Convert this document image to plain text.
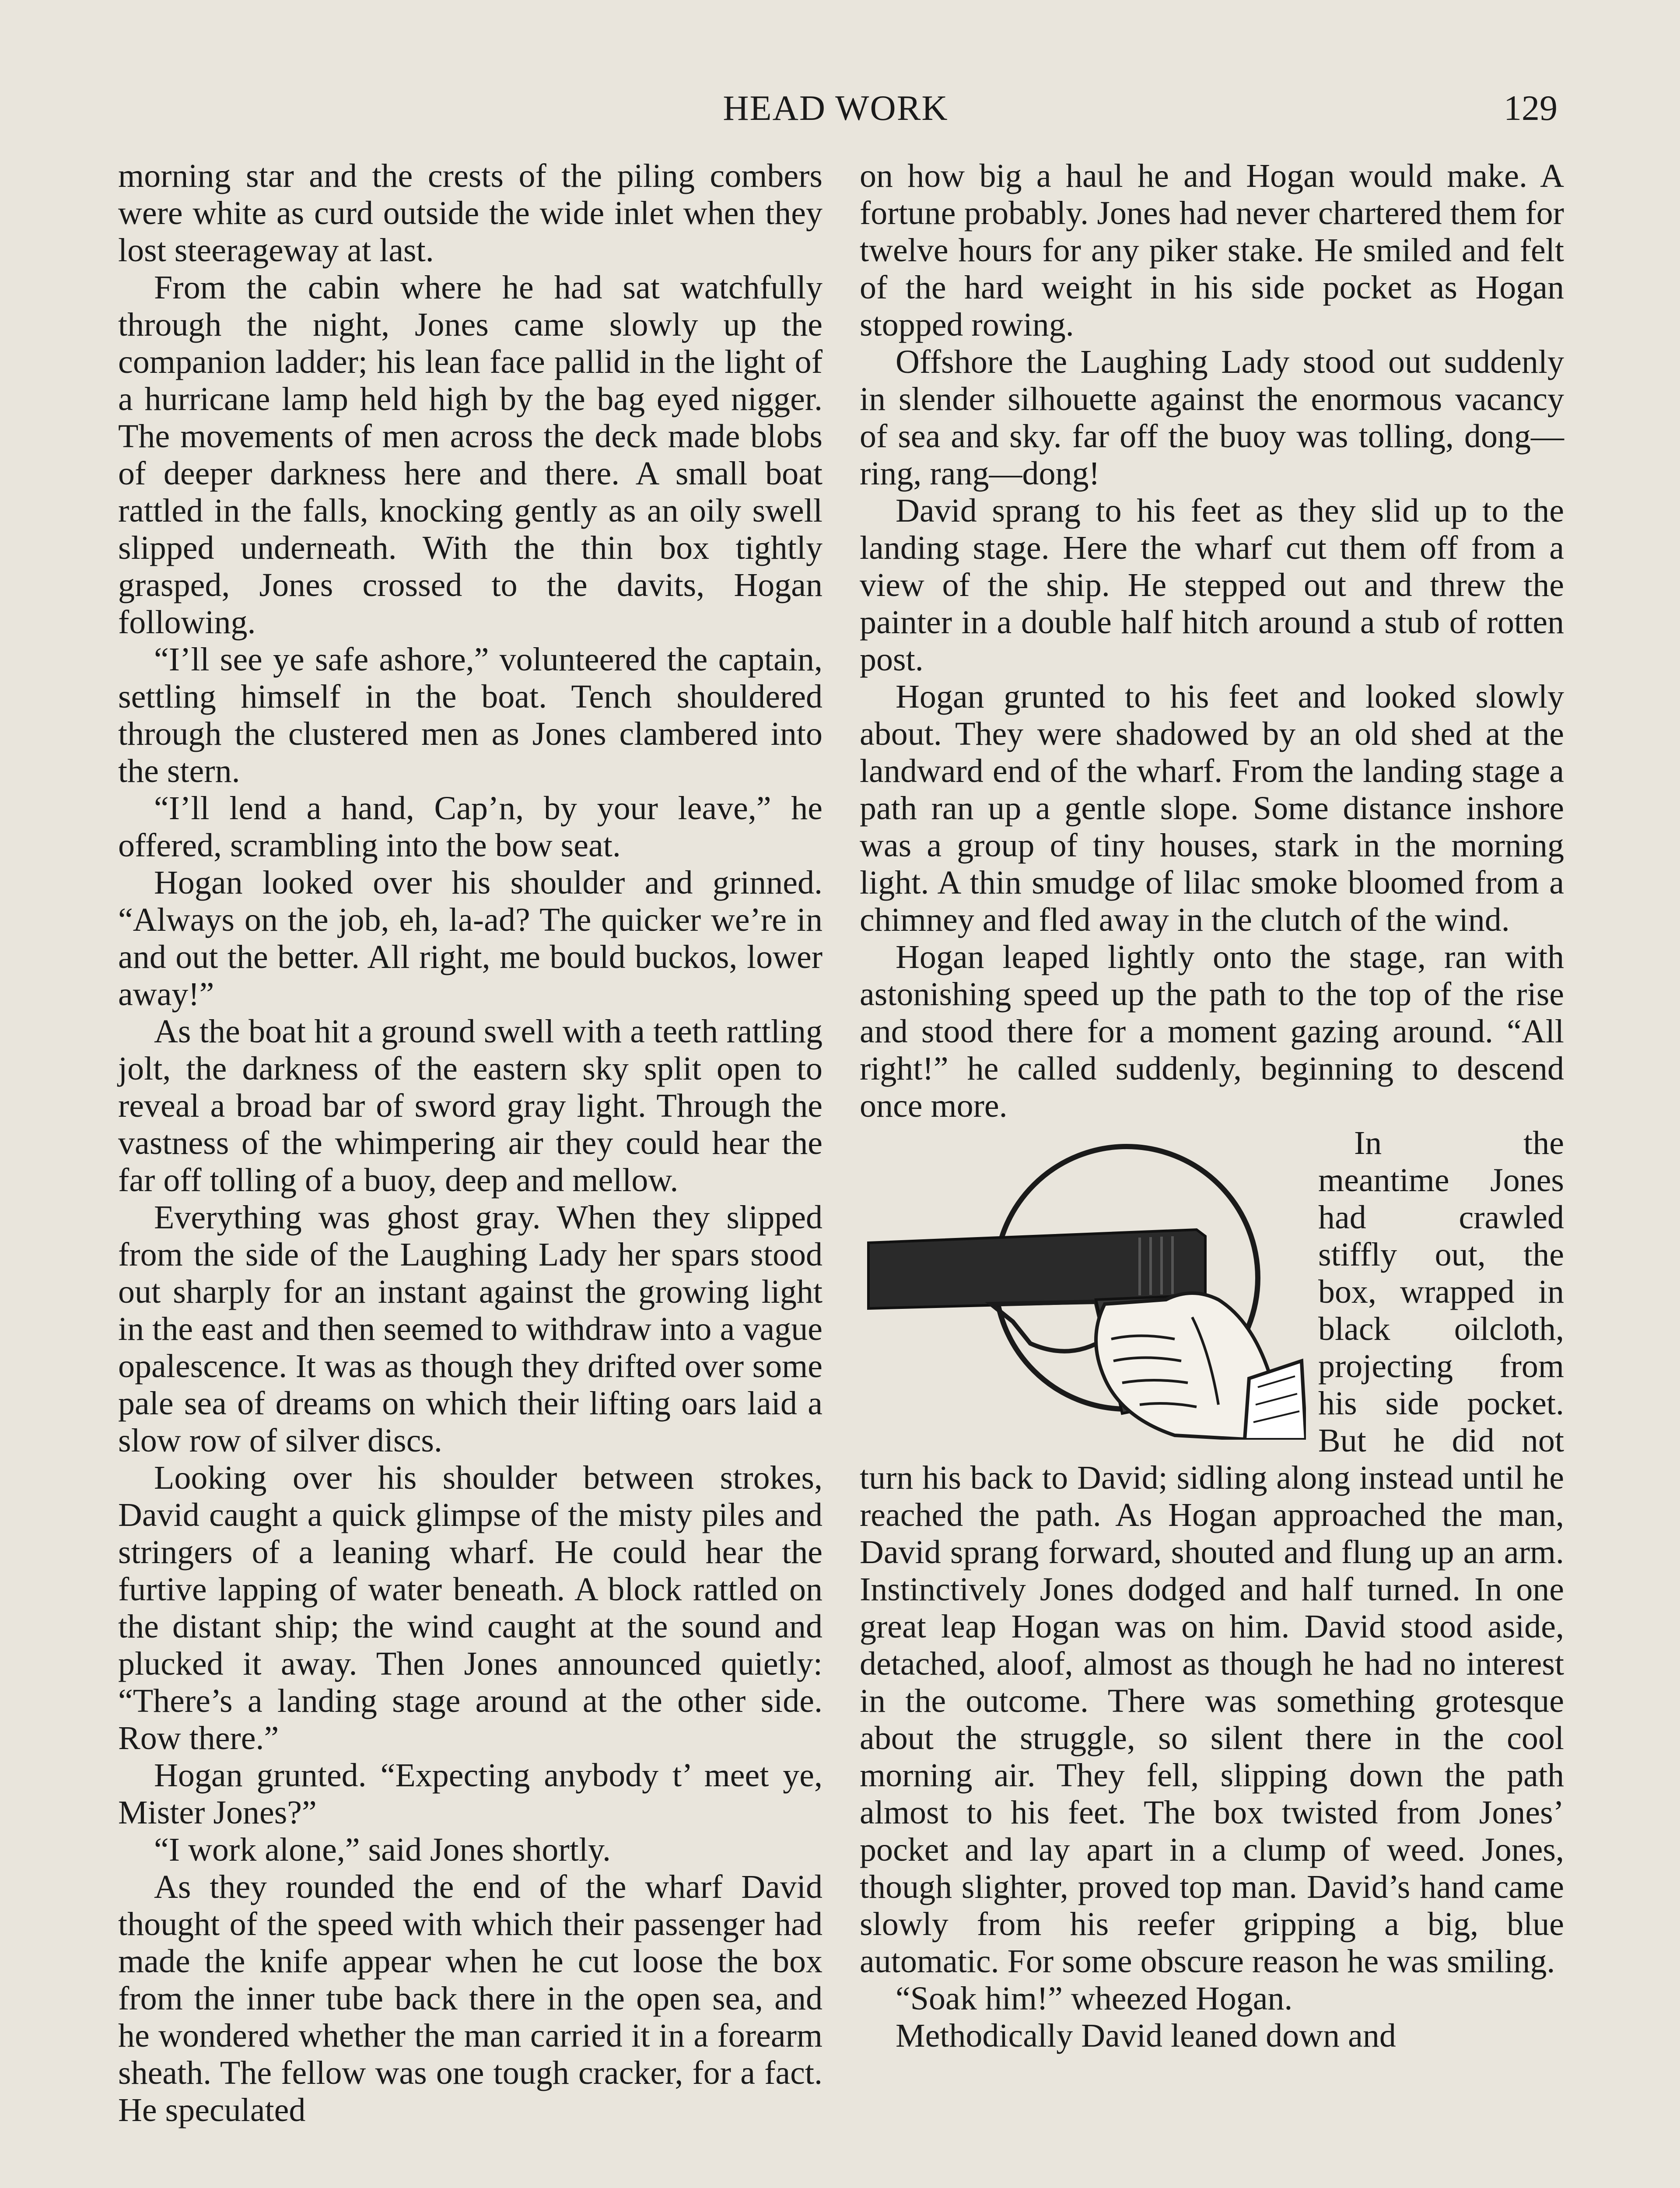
HEAD WORK	129

morning star and the crests of the piling combers were white as curd outside the wide inlet when they lost steerageway at last.

From the cabin where he had sat watchfully through the night, Jones came slowly up the companion ladder; his lean face pallid in the light of a hurricane lamp held high by the bag eyed nigger. The movements of men across the deck made blobs of deeper darkness here and there. A small boat rattled in the falls, knocking gently as an oily swell slipped underneath. With the thin box tightly grasped, Jones crossed to the davits, Hogan following.

“I’ll see ye safe ashore,” volunteered the captain, settling himself in the boat. Tench shouldered through the clustered men as Jones clambered into the stern.

“I’ll lend a hand, Cap’n, by your leave,” he offered, scrambling into the bow seat.

Hogan looked over his shoulder and grinned. “Always on the job, eh, la-ad? The quicker we’re in and out the better. All right, me bould buckos, lower away!”

As the boat hit a ground swell with a teeth rattling jolt, the darkness of the eastern sky split open to reveal a broad bar of sword gray light. Through the vastness of the whimpering air they could hear the far off tolling of a buoy, deep and mellow.

Everything was ghost gray. When they slipped from the side of the Laughing Lady her spars stood out sharply for an instant against the growing light in the east and then seemed to withdraw into a vague opalescence. It was as though they drifted over some pale sea of dreams on which their lifting oars laid a slow row of silver discs.

Looking over his shoulder between strokes, David caught a quick glimpse of the misty piles and stringers of a leaning wharf. He could hear the furtive lapping of water beneath. A block rattled on the distant ship; the wind caught at the sound and plucked it away. Then Jones announced quietly: “There’s a landing stage around at the other side. Row there.”

Hogan grunted. “Expecting anybody t’ meet ye, Mister Jones?”

“I work alone,” said Jones shortly.

As they rounded the end of the wharf David thought of the speed with which their passenger had made the knife appear when he cut loose the box from the inner tube back there in the open sea, and he wondered whether the man carried it in a forearm sheath. The fellow was one tough cracker, for a fact. He speculated

on how big a haul he and Hogan would make. A fortune probably. Jones had never chartered them for twelve hours for any piker stake. He smiled and felt of the hard weight in his side pocket as Hogan stopped rowing.

Offshore the Laughing Lady stood out suddenly in slender silhouette against the enormous vacancy of sea and sky. far off the buoy was tolling, dong—ring, rang—dong!

David sprang to his feet as they slid up to the landing stage. Here the wharf cut them off from a view of the ship. He stepped out and threw the painter in a double half hitch around a stub of rotten post.

Hogan grunted to his feet and looked slowly about. They were shadowed by an old shed at the landward end of the wharf. From the landing stage a path ran up a gentle slope. Some distance inshore was a group of tiny houses, stark in the morning light. A thin smudge of lilac smoke bloomed from a chimney and fled away in the clutch of the wind.

Hogan leaped lightly onto the stage, ran with astonishing speed up the path to the top of the rise and stood there for a moment gazing around. “All right!” he called suddenly, beginning to descend once more.

In the meantime Jones had crawled stiffly out, the box, wrapped in black oilcloth, projecting from his side pocket. But he did not turn his back to David; sidling along instead until he reached the path. As Hogan approached the man, David sprang forward, shouted and flung up an arm. Instinctively Jones dodged and half turned. In one great leap Hogan was on him. David stood aside, detached, aloof, almost as though he had no interest in the outcome. There was something grotesque about the struggle, so silent there in the cool morning air. They fell, slipping down the path almost to his feet. The box twisted from Jones’ pocket and lay apart in a clump of weed. Jones, though slighter, proved top man. David’s hand came slowly from his reefer gripping a big, blue automatic. For some obscure reason he was smiling.

“Soak him!” wheezed Hogan.

Methodically David leaned down and
